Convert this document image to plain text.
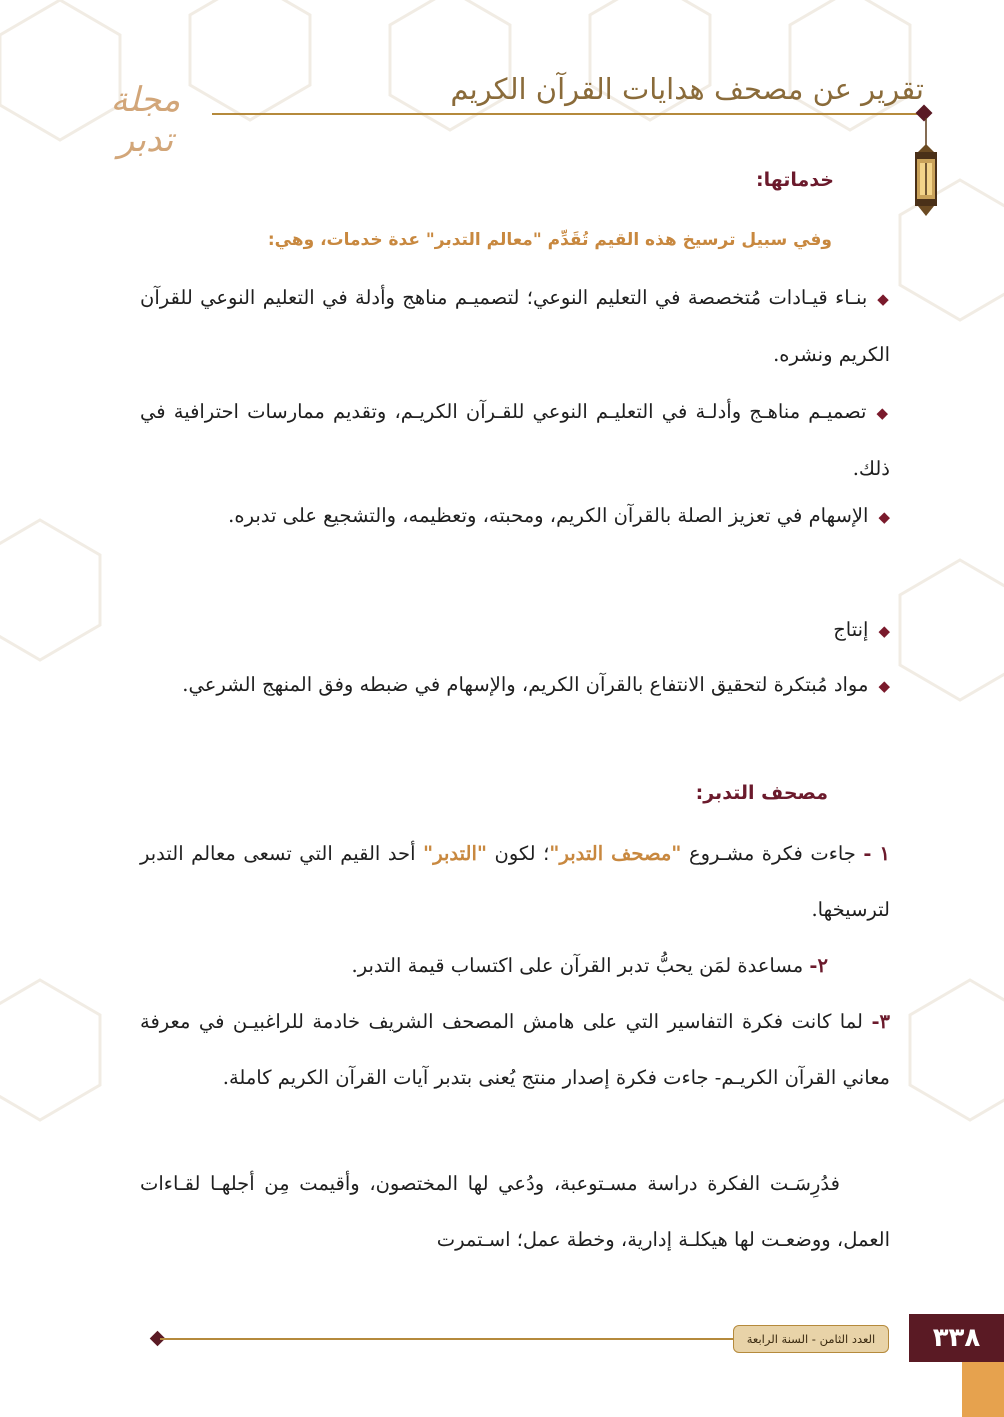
مجلة تدبر
تقرير عن مصحف هدايات القرآن الكريم
خدماتها:
وفي سبيل ترسيخ هذه القيم تُقَدِّم "معالم التدبر" عدة خدمات، وهي:
◆بنـاء قيـادات مُتخصصة في التعليم النوعي؛ لتصميـم مناهج وأدلة في التعليم النوعي للقرآن الكريم ونشره.
◆تصميـم مناهـج وأدلـة في التعليـم النوعي للقـرآن الكريـم، وتقديم ممارسات احترافية في ذلك.
◆الإسهام في تعزيز الصلة بالقرآن الكريم، ومحبته، وتعظيمه، والتشجيع على تدبره.
◆إنتاج
◆مواد مُبتكرة لتحقيق الانتفاع بالقرآن الكريم، والإسهام في ضبطه وفق المنهج الشرعي.
مصحف التدبر:
١ - جاءت فكرة مشـروع "مصحف التدبر"؛ لكون "التدبر" أحد القيم التي تسعى معالم التدبر لترسيخها.
٢- مساعدة لمَن يحبُّ تدبر القرآن على اكتساب قيمة التدبر.
٣- لما كانت فكرة التفاسير التي على هامش المصحف الشريف خادمة للراغبيـن في معرفة معاني القرآن الكريـم- جاءت فكرة إصدار منتج يُعنى بتدبر آيات القرآن الكريم كاملة.
فدُرِسَـت الفكرة دراسة مسـتوعبة، ودُعي لها المختصون، وأقيمت مِن أجلهـا لقـاءات العمل، ووضعـت لها هيكلـة إدارية، وخطة عمل؛ اسـتمرت
العدد الثامن - السنة الرابعة	٣٣٨
